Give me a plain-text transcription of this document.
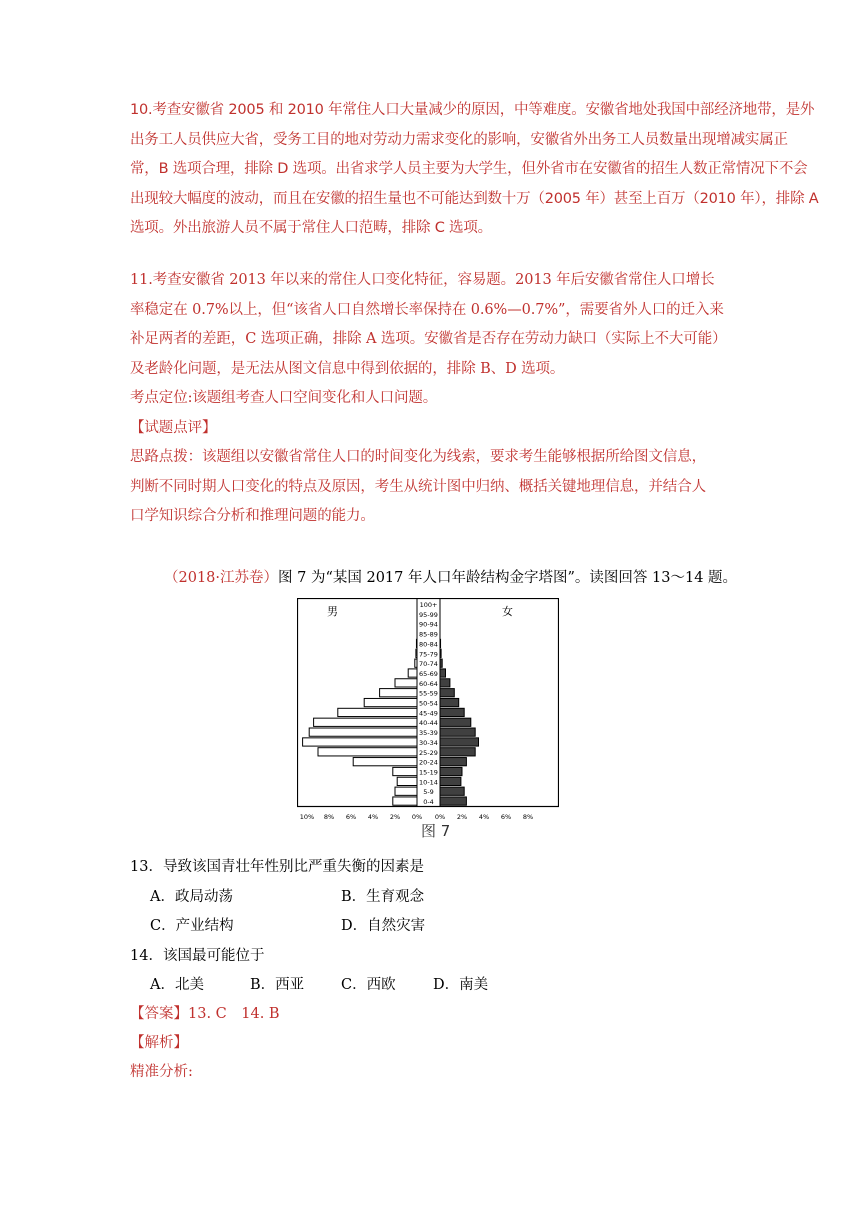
10.考查安徽省 2005 和 2010 年常住人口大量减少的原因，中等难度。安徽省地处我国中部经济地带，是外
出务工人员供应大省，受务工目的地对劳动力需求变化的影响，安徽省外出务工人员数量出现增减实属正
常，B 选项合理，排除 D 选项。出省求学人员主要为大学生，但外省市在安徽省的招生人数正常情况下不会
出现较大幅度的波动，而且在安徽的招生量也不可能达到数十万（2005 年）甚至上百万（2010 年），排除 A
选项。外出旅游人员不属于常住人口范畴，排除 C 选项。
11.考查安徽省 2013 年以来的常住人口变化特征，容易题。2013 年后安徽省常住人口增长
率稳定在 0.7%以上，但“该省人口自然增长率保持在 0.6%—0.7%”，需要省外人口的迁入来
补足两者的差距，C 选项正确，排除 A 选项。安徽省是否存在劳动力缺口（实际上不大可能）
及老龄化问题，是无法从图文信息中得到依据的，排除 B、D 选项。
考点定位:该题组考查人口空间变化和人口问题。
【试题点评】
思路点拨：该题组以安徽省常住人口的时间变化为线索，要求考生能够根据所给图文信息，
判断不同时期人口变化的特点及原因，考生从统计图中归纳、概括关键地理信息，并结合人
口学知识综合分析和推理问题的能力。
（2018·江苏卷）图 7 为“某国 2017 年人口年龄结构金字塔图”。读图回答 13～14 题。
男	女
0-4
5-9
10-14
15-19
20-24
25-29
30-34
35-39
40-44
45-49
50-54
55-59
60-64
65-69
70-74
75-79
80-84
85-89
90-94
95-99
100+
10% 8% 6% 4% 2% 0% 0% 2% 4% 6% 8%
图 7
13．导致该国青壮年性别比严重失衡的因素是
A．政局动荡	B．生育观念
C．产业结构	D．自然灾害
14．该国最可能位于
A．北美	B．西亚	C．西欧	D．南美
【答案】13. C　14. B
【解析】
精准分析:
